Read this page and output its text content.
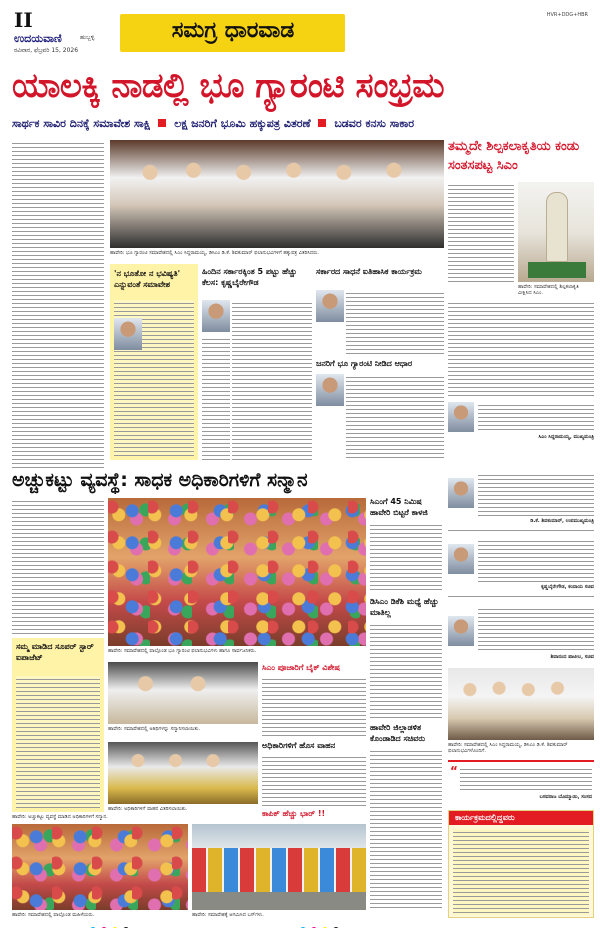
II
ಉದಯವಾಣಿ	ಹುಬ್ಬಳ್ಳಿ
ರವಿವಾರ, ಫೆಬ್ರವರಿ 15, 2026
ಸಮಗ್ರ ಧಾರವಾಡ
HVR+DDG+HBR
ಯಾಲಕ್ಕಿ ನಾಡಲ್ಲಿ ಭೂ ಗ್ಯಾರಂಟಿ ಸಂಭ್ರಮ
ಸಾರ್ಥಕ ಸಾವಿರ ದಿನಕ್ಕೆ ಸಮಾವೇಶ ಸಾಕ್ಷಿ ಲಕ್ಷ ಜನರಿಗೆ ಭೂಮಿ ಹಕ್ಕುಪತ್ರ ವಿತರಣೆ ಬಡವರ ಕನಸು ಸಾಕಾರ
ಹಾವೇರಿ: ಭೂ ಗ್ಯಾರಂಟಿ ಸಮಾವೇಶದಲ್ಲಿ ಸಿಎಂ ಸಿದ್ದರಾಮಯ್ಯ, ಡಿಸಿಎಂ ಡಿ.ಕೆ. ಶಿವಕುಮಾರ್ ಫಲಾನುಭವಿಗಳಿಗೆ ಹಕ್ಕುಪತ್ರ ವಿತರಿಸಿದರು.
ತಮ್ಮದೇ ಶಿಲ್ಪಕಲಾಕೃತಿಯ ಕಂಡು ಸಂತಸಪಟ್ಟ ಸಿಎಂ
ಹಾವೇರಿ: ಸಮಾವೇಶದಲ್ಲಿ ಶಿಲ್ಪಕಲಾಕೃತಿ ವೀಕ್ಷಿಸಿದ ಸಿಎಂ.
'ನ ಭೂತೋ ನ ಭವಿಷ್ಯತಿ' ಎನ್ನುವಂತೆ ಸಮಾವೇಶ
ಹಿಂದಿನ ಸರ್ಕಾರಕ್ಕಿಂತ 5 ಪಟ್ಟು ಹೆಚ್ಚು ಕೆಲಸ: ಕೃಷ್ಣಬೈರೇಗೌಡ
ಸರ್ಕಾರದ ಸಾಧನೆ ಐತಿಹಾಸಿಕ ಕಾರ್ಯಕ್ರಮ
ಜನರಿಗೆ ಭೂ ಗ್ಯಾರಂಟಿ ನೀಡಿದ ಆಧಾರ
ಸಿಎಂ ಸಿದ್ದರಾಮಯ್ಯ, ಮುಖ್ಯಮಂತ್ರಿ
ಅಚ್ಚುಕಟ್ಟು ವ್ಯವಸ್ಥೆ: ಸಾಧಕ ಅಧಿಕಾರಿಗಳಿಗೆ ಸನ್ಮಾನ
ಹಾವೇರಿ: ಸಮಾವೇಶದಲ್ಲಿ ಪಾಲ್ಗೊಂಡ ಭೂ ಗ್ಯಾರಂಟಿ ಫಲಾನುಭವಿಗಳು ಹಾಗೂ ಸಾರ್ವಜನಿಕರು.
ಸಿಎಂಗೆ 45 ನಿಮಿಷ ಹಾವೇರಿ ಬಿಟ್ಟರೆ ಕಾಳಜಿ
ಡಿಸಿಎಂ ಡಿಕೆಶಿ ಮಧ್ಯೆ ಹೆಚ್ಚು ಮಾತಿಲ್ಲ
ಹಾವೇರಿ ಜಿಲ್ಲಾಡಳಿತ ಕೊಂಡಾಡಿದ ಸಚಿವರು
ಡಿ.ಕೆ. ಶಿವಕುಮಾರ್, ಉಪಮುಖ್ಯಮಂತ್ರಿ
ಕೃಷ್ಣಬೈರೇಗೌಡ, ಕಂದಾಯ ಸಚಿವ
ಶಿವಾನಂದ ಪಾಟೀಲ, ಸಚಿವ
ಹಾವೇರಿ: ಸಮಾವೇಶದಲ್ಲಿ ಸಿಎಂ ಸಿದ್ದರಾಮಯ್ಯ, ಡಿಸಿಎಂ ಡಿ.ಕೆ. ಶಿವಕುಮಾರ್ ಫಲಾನುಭವಿಗಳೊಂದಿಗೆ.
“
ಬಸವರಾಜ ಬೊಮ್ಮಾಯಿ, ಸಂಸದ
ಕಾರ್ಯಕ್ರಮದಲ್ಲಿದ್ದವರು
ಸಮ್ಮ ಮಾಡಿದ ಸೂಪರ್ ಸ್ಟಾರ್‌ ಐಪಾಜೆಟ್
ಹಾವೇರಿ: ಸಮಾವೇಶದಲ್ಲಿ ಅತಿಥಿಗಳನ್ನು ಸನ್ಮಾನಿಸಲಾಯಿತು.
ಸಿಎಂ ಪೂಜಾರಿಗೆ ಬೈಕ್ ವಿಶೇಷ
ಅಧಿಕಾರಿಗಳಿಗೆ ಹೊಸ ವಾಹನ
ಕಾಪಿಕ್ ಹೆಚ್ಚು ಭಾರ್ !!
ಹಾವೇರಿ: ಅಧಿಕಾರಿಗಳಿಗೆ ವಾಹನ ವಿತರಿಸಲಾಯಿತು.
ಹಾವೇರಿ: ಅಚ್ಚುಕಟ್ಟು ವ್ಯವಸ್ಥೆ ಮಾಡಿದ ಅಧಿಕಾರಿಗಳಿಗೆ ಸನ್ಮಾನ.
ಹಾವೇರಿ: ಸಮಾವೇಶದಲ್ಲಿ ಪಾಲ್ಗೊಂಡ ಮಹಿಳೆಯರು.	ಹಾವೇರಿ: ಸಮಾವೇಶಕ್ಕೆ ಆಗಮಿಸಿದ ಬಸ್‌ಗಳು.
